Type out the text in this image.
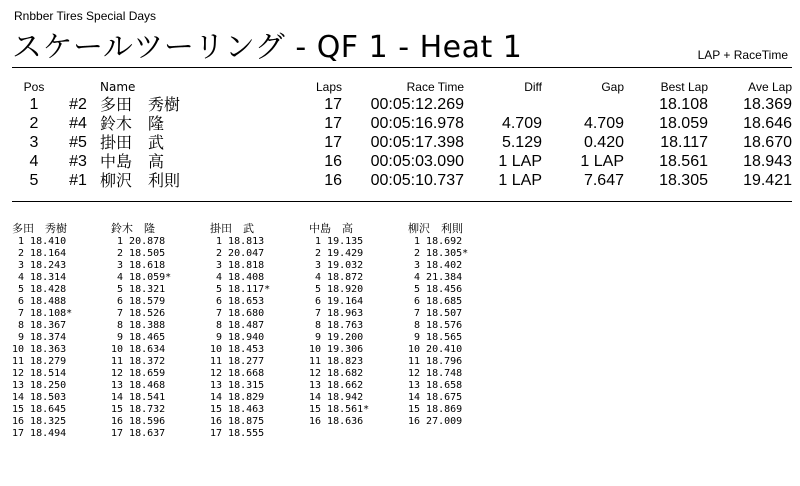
Rnbber Tires Special Days
スケールツーリング - QF 1 - Heat 1	LAP + RaceTime
Pos		Name	Laps	Race Time	Diff	Gap	Best Lap	Ave Lap
1	#2	多田　秀樹	17	00:05:12.269			18.108	18.369
2	#4	鈴木　隆	17	00:05:16.978	4.709	4.709	18.059	18.646
3	#5	掛田　武	17	00:05:17.398	5.129	0.420	18.117	18.670
4	#3	中島　高	16	00:05:03.090	1 LAP	1 LAP	18.561	18.943
5	#1	柳沢　利則	16	00:05:10.737	1 LAP	7.647	18.305	19.421
多田　秀樹
1 18.410
2 18.164
3 18.243
4 18.314
5 18.428
6 18.488
7 18.108*
8 18.367
9 18.374
10 18.363
11 18.279
12 18.514
13 18.250
14 18.503
15 18.645
16 18.325
17 18.494
鈴木　隆
1 20.878
2 18.505
3 18.618
4 18.059*
5 18.321
6 18.579
7 18.526
8 18.388
9 18.465
10 18.634
11 18.372
12 18.659
13 18.468
14 18.541
15 18.732
16 18.596
17 18.637
掛田　武
1 18.813
2 20.047
3 18.818
4 18.408
5 18.117*
6 18.653
7 18.680
8 18.487
9 18.940
10 18.453
11 18.277
12 18.668
13 18.315
14 18.829
15 18.463
16 18.875
17 18.555
中島　高
1 19.135
2 19.429
3 19.032
4 18.872
5 18.920
6 19.164
7 18.963
8 18.763
9 19.200
10 19.306
11 18.823
12 18.682
13 18.662
14 18.942
15 18.561*
16 18.636
柳沢　利則
1 18.692
2 18.305*
3 18.402
4 21.384
5 18.456
6 18.685
7 18.507
8 18.576
9 18.565
10 20.410
11 18.796
12 18.748
13 18.658
14 18.675
15 18.869
16 27.009
